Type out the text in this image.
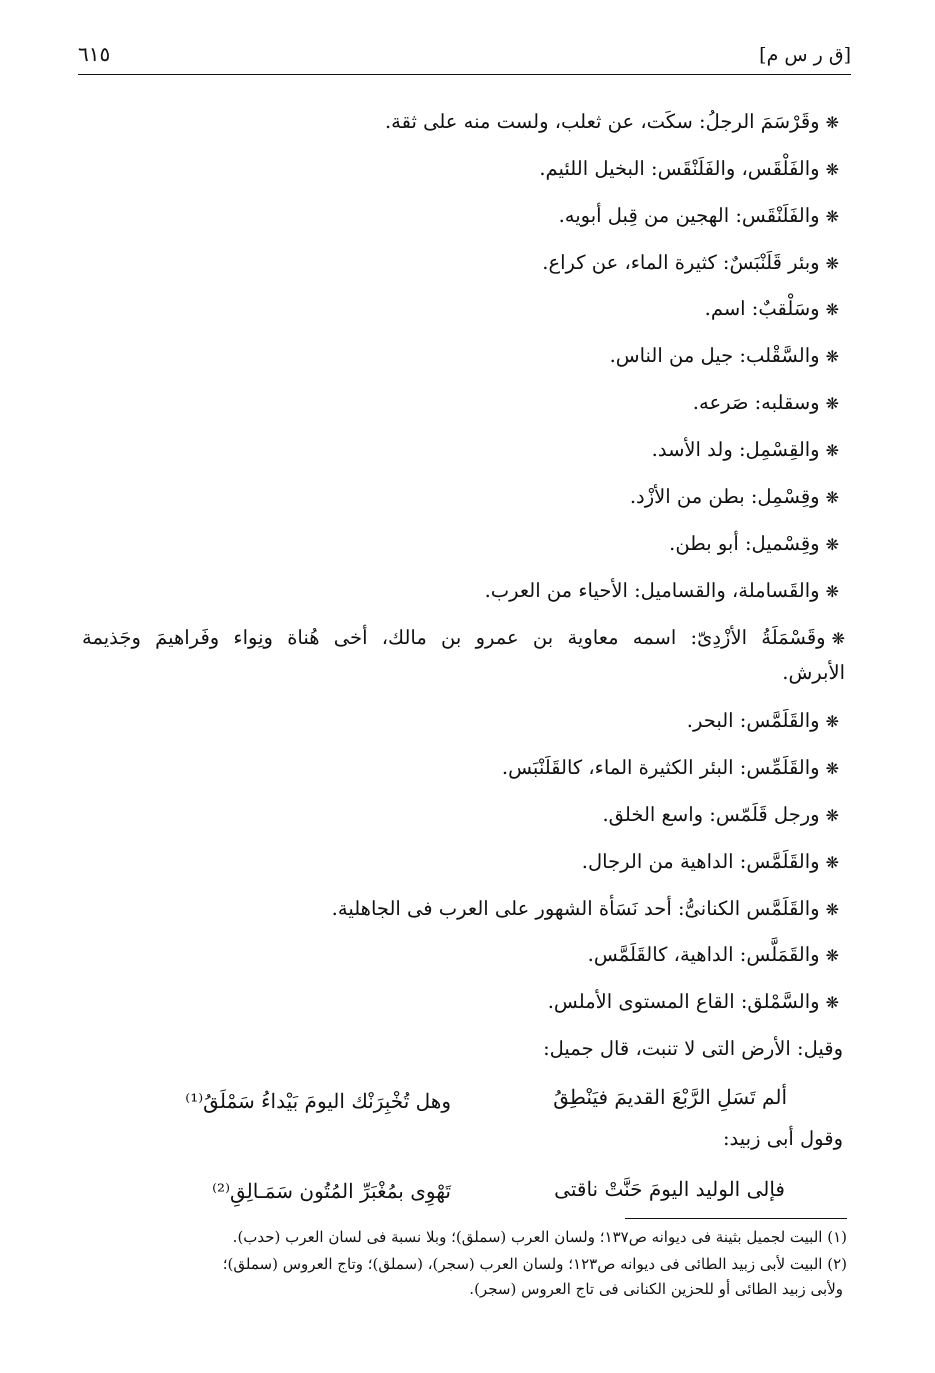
[ق ر س م]
٦١٥
❋وقَرْسَمَ الرجلُ: سكَت، عن ثعلب، ولست منه على ثقة.
❋والفَلْقَس، والفَلَنْقَس: البخيل اللئيم.
❋والفَلَنْقَس: الهجين من قِبل أبويه.
❋وبئر قَلَنْبَسٌ: كثيرة الماء، عن كراع.
❋وسَلْقبٌ: اسم.
❋والسَّقْلب: جيل من الناس.
❋وسقلبه: صَرعه.
❋والقِسْمِل: ولد الأسد.
❋وقِسْمِل: بطن من الأزْد.
❋وقِسْميل: أبو بطن.
❋والقَساملة، والقساميل: الأحياء من العرب.
❋وقَسْمَلَةُ الأزْدِىّ: اسمه معاوية بن عمرو بن مالك، أخى هُناة ونِواء وفَراهيمَ وجَذيمة
الأبرش.
❋والقَلَمَّس: البحر.
❋والقَلَمِّس: البئر الكثيرة الماء، كالقَلَنْبَس.
❋ورجل قَلَمّس: واسع الخلق.
❋والقَلَمَّس: الداهية من الرجال.
❋والقَلَمَّس الكنانىُّ: أحد نَسَأة الشهور على العرب فى الجاهلية.
❋والقَمَلَّس: الداهية، كالقَلَمَّس.
❋والسَّمْلق: القاع المستوى الأملس.
وقيل: الأرض التى لا تنبت، قال جميل:
ألم تَسَلِ الرَّبْعَ القديمَ فيَنْطِقُ
وهل تُخْبِرَنْك اليومَ بَيْداءُ سَمْلَقُ⁽¹⁾
وقول أبى زبيد:
فإلى الوليد اليومَ حَنَّتْ ناقتى
تَهْوِى بمُغْبَرِّ المُتُون سَمَـالِقِ⁽²⁾
(١) البيت لجميل بثينة فى ديوانه ص١٣٧؛ ولسان العرب (سملق)؛ وبلا نسبة فى لسان العرب (حدب).
(٢) البيت لأبى زبيد الطائى فى ديوانه ص١٢٣؛ ولسان العرب (سجر)، (سملق)؛ وتاج العروس (سملق)؛
ولأبى زبيد الطائى أو للحزين الكنانى فى تاج العروس (سجر).
